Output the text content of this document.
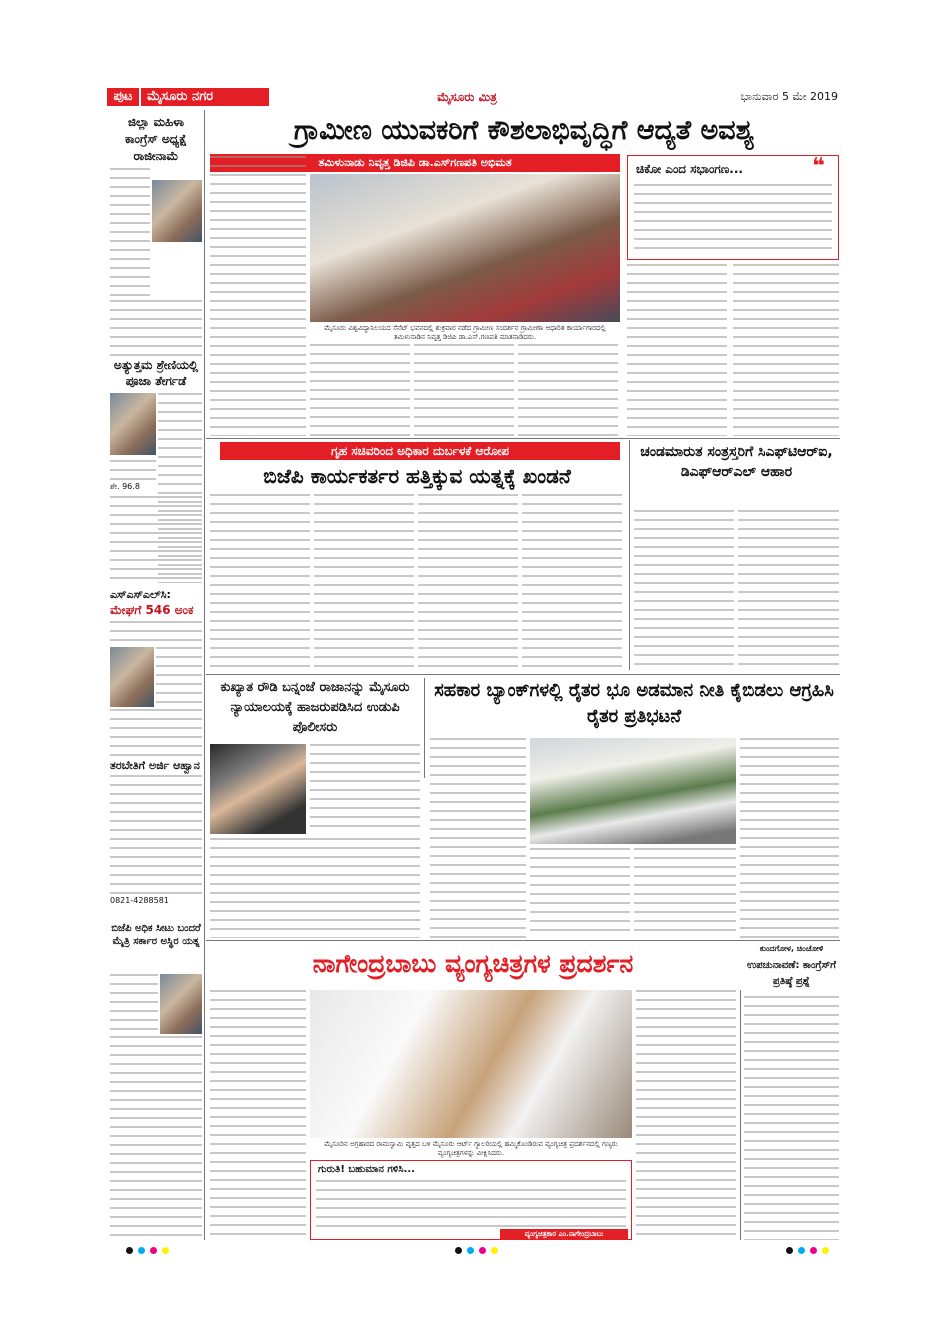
ಪುಟ 9
ಮೈಸೂರು ನಗರ	ಮೈಸೂರು ಮಿತ್ರ	ಭಾನುವಾರ 5 ಮೇ 2019
ಜಿಲ್ಲಾ ಮಹಿಳಾ ಕಾಂಗ್ರೆಸ್ ಅಧ್ಯಕ್ಷೆ ರಾಜೀನಾಮೆ
ಅತ್ಯುತ್ತಮ ಶ್ರೇಣಿಯಲ್ಲಿ ಪೂಜಾ ತೇರ್ಗಡೆ
ಶೇ. 96.8
ಎಸ್‌ಎಸ್‌ಎಲ್‌ಸಿ:
ಮೇಘಗೆ 546 ಅಂಕ
ತರಬೇತಿಗೆ ಅರ್ಜಿ ಆಹ್ವಾನ
0821-4288581
ಬಿಜೆಪಿ ಅಧಿಕ ಸೀಟು ಬಂದರೆ ಮೈತ್ರಿ ಸರ್ಕಾರ ಅಸ್ಥಿರ ಯತ್ನ
ಗ್ರಾಮೀಣ ಯುವಕರಿಗೆ ಕೌಶಲಾಭಿವೃದ್ಧಿಗೆ ಆದ್ಯತೆ ಅವಶ್ಯ
ತಮಿಳುನಾಡು ನಿವೃತ್ತ ಡಿಜಿಪಿ ಡಾ.ಎಸ್‌ಗಣಪತಿ ಅಭಿಮತ
ಮೈಸೂರು ವಿಶ್ವವಿದ್ಯಾನಿಲಯದ ಸೆನೆಟ್ ಭವನದಲ್ಲಿ ಶುಕ್ರವಾರ ನಡೆದ ಗ್ರಾಮೀಣ ಸಂದರ್ಶನ ಗ್ರಾಮೀಣಾ ಆಧಾರಿತ ಕಾರ್ಯಾಗಾರದಲ್ಲಿ ತಮಿಳುನಾಡಿನ ನಿವೃತ್ತ ಡಿಜಿಪಿ ಡಾ.ಎಸ್.ಗಣಪತಿ ಮಾತನಾಡಿದರು.
ಚಿಕೋ ಎಂದ ಸಭಾಂಗಣ...	❝
ಗೃಹ ಸಚಿವರಿಂದ ಅಧಿಕಾರ ದುರ್ಬಳಕೆ ಆರೋಪ
ಬಿಜೆಪಿ ಕಾರ್ಯಕರ್ತರ ಹತ್ತಿಕ್ಕುವ ಯತ್ನಕ್ಕೆ ಖಂಡನೆ
ಚಂಡಮಾರುತ ಸಂತ್ರಸ್ತರಿಗೆ ಸಿಎಫ್‌ಟಿಆರ್‌ಐ, ಡಿಎಫ್‌ಆರ್‌ಎಲ್ ಆಹಾರ
ಕುಖ್ಯಾತ ರೌಡಿ ಬನ್ನಂಜೆ ರಾಜಾನನ್ನು ಮೈಸೂರು ನ್ಯಾಯಾಲಯಕ್ಕೆ ಹಾಜರುಪಡಿಸಿದ ಉಡುಪಿ ಪೊಲೀಸರು
ಸಹಕಾರ ಬ್ಯಾಂಕ್‌ಗಳಲ್ಲಿ ರೈತರ ಭೂ ಅಡಮಾನ ನೀತಿ ಕೈಬಿಡಲು ಆಗ್ರಹಿಸಿ ರೈತರ ಪ್ರತಿಭಟನೆ
ನಾಗೇಂದ್ರಬಾಬು ವ್ಯಂಗ್ಯಚಿತ್ರಗಳ ಪ್ರದರ್ಶನ
ಮೈಸೂರಿನ ಅಗ್ರಹಾರದ ರಾಮಸ್ವಾಮಿ ವೃತ್ತದ ಬಳಿ ಮೈಸೂರು ಆರ್ಟ್ ಗ್ಯಾಲರಿಯಲ್ಲಿ ಹಮ್ಮಿಕೊಂಡಿರುವ ವ್ಯಂಗ್ಯಚಿತ್ರ ಪ್ರದರ್ಶನದಲ್ಲಿ ಗಣ್ಯರು ವ್ಯಂಗ್ಯಚಿತ್ರಗಳನ್ನು ವೀಕ್ಷಿಸಿದರು.
ಗುರುತಿ! ಬಹುಮಾನ ಗಳಿಸಿ...
ವ್ಯಂಗ್ಯಚಿತ್ರಕಾರ ಎಂ.ನಾಗೇಂದ್ರಬಾಬು
ಕುಂದಗೋಳ, ಚಿಂಚೋಳಿ
ಉಪಚುನಾವಣೆ: ಕಾಂಗ್ರೆಸ್‌ಗೆ ಪ್ರತಿಷ್ಠೆ ಪ್ರಶ್ನೆ
